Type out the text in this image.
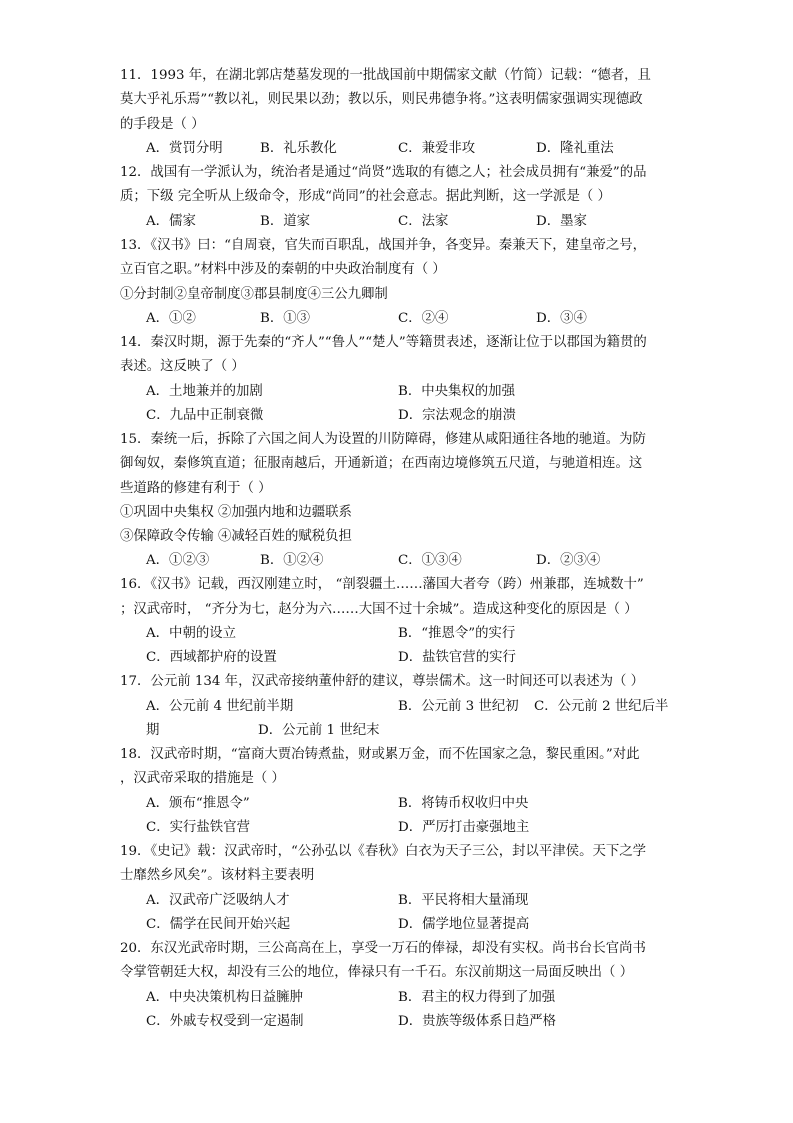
11．1993 年，在湖北郭店楚墓发现的一批战国前中期儒家文献（竹简）记载：“德者，且
莫大乎礼乐焉”“教以礼，则民果以劲；教以乐，则民弗德争将。”这表明儒家强调实现德政
的手段是（ ）
A．赏罚分明	B．礼乐教化	C．兼爱非攻	D．隆礼重法
12．战国有一学派认为，统治者是通过“尚贤”选取的有德之人；社会成员拥有“兼爱”的品
质；下级 完全听从上级命令，形成“尚同”的社会意志。据此判断，这一学派是（ ）
A．儒家	B．道家	C．法家	D．墨家
13．《汉书》曰：“自周衰，官失而百职乱，战国并争，各变异。秦兼天下，建皇帝之号，
立百官之职。”材料中涉及的秦朝的中央政治制度有（ ）
①分封制②皇帝制度③郡县制度④三公九卿制
A．①②	B．①③	C．②④	D．③④
14．秦汉时期，源于先秦的“齐人”“鲁人”“楚人”等籍贯表述，逐渐让位于以郡国为籍贯的
表述。这反映了（ ）
A．土地兼并的加剧	B．中央集权的加强
C．九品中正制衰微	D．宗法观念的崩溃
15．秦统一后，拆除了六国之间人为设置的川防障碍，修建从咸阳通往各地的驰道。为防
御匈奴，秦修筑直道；征服南越后，开通新道；在西南边境修筑五尺道，与驰道相连。这
些道路的修建有利于（ ）
①巩固中央集权 ②加强内地和边疆联系
③保障政令传输 ④减轻百姓的赋税负担
A．①②③	B．①②④	C．①③④	D．②③④
16．《汉书》记载，西汉刚建立时， “剖裂疆土……藩国大者夸（跨）州兼郡，连城数十”
；汉武帝时， “齐分为七，赵分为六……大国不过十余城”。造成这种变化的原因是（ ）
A．中朝的设立	B．“推恩令”的实行
C．西域都护府的设置	D．盐铁官营的实行
17．公元前 134 年，汉武帝接纳董仲舒的建议，尊崇儒术。这一时间还可以表述为（ ）
A．公元前 4 世纪前半期	B．公元前 3 世纪初 C．公元前 2 世纪后半
期	D．公元前 1 世纪末
18．汉武帝时期，“富商大贾冶铸煮盐，财或累万金，而不佐国家之急，黎民重困。”对此
，汉武帝采取的措施是（ ）
A．颁布“推恩令”	B．将铸币权收归中央
C．实行盐铁官营	D．严厉打击豪强地主
19．《史记》载：汉武帝时，“公孙弘以《春秋》白衣为天子三公，封以平津侯。天下之学
士靡然乡风矣”。该材料主要表明
A．汉武帝广泛吸纳人才	B．平民将相大量涌现
C．儒学在民间开始兴起	D．儒学地位显著提高
20．东汉光武帝时期，三公高高在上，享受一万石的俸禄，却没有实权。尚书台长官尚书
令掌管朝廷大权，却没有三公的地位，俸禄只有一千石。东汉前期这一局面反映出（ ）
A．中央决策机构日益臃肿	B．君主的权力得到了加强
C．外戚专权受到一定遏制	D．贵族等级体系日趋严格
